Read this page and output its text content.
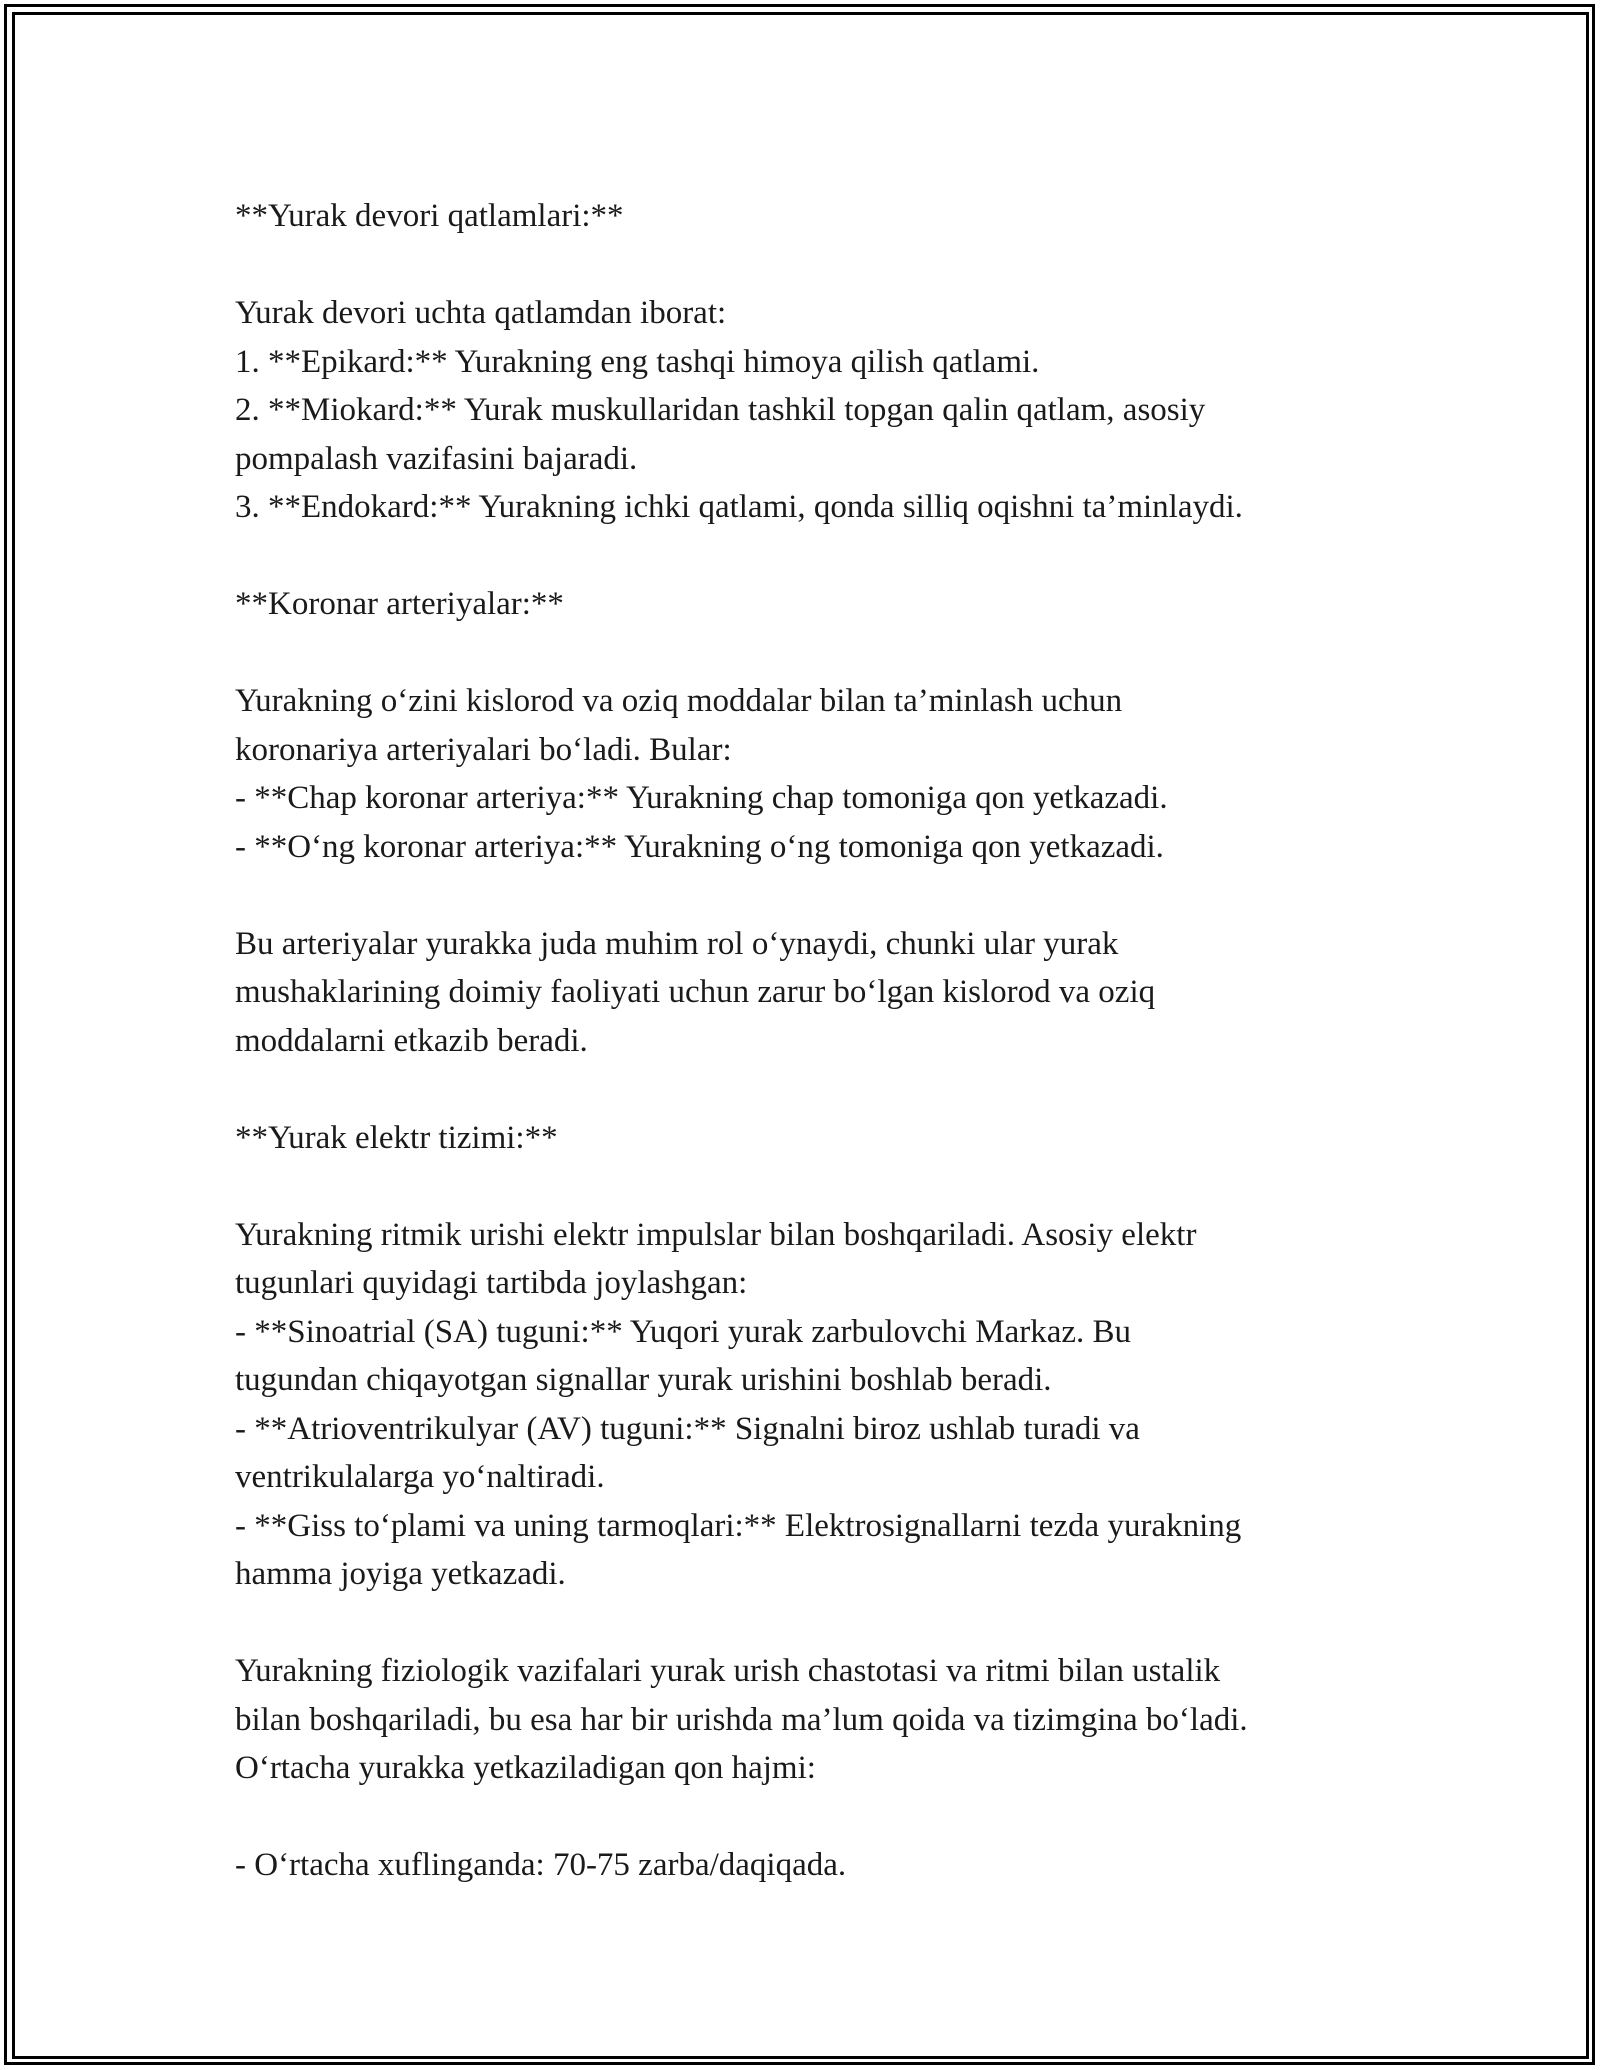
**Yurak devori qatlamlari:**
Yurak devori uchta qatlamdan iborat:
1. **Epikard:** Yurakning eng tashqi himoya qilish qatlami.
2. **Miokard:** Yurak muskullaridan tashkil topgan qalin qatlam, asosiy
pompalash vazifasini bajaradi.
3. **Endokard:** Yurakning ichki qatlami, qonda silliq oqishni ta’minlaydi.
**Koronar arteriyalar:**
Yurakning o‘zini kislorod va oziq moddalar bilan ta’minlash uchun
koronariya arteriyalari bo‘ladi. Bular:
- **Chap koronar arteriya:** Yurakning chap tomoniga qon yetkazadi.
- **O‘ng koronar arteriya:** Yurakning o‘ng tomoniga qon yetkazadi.
Bu arteriyalar yurakka juda muhim rol o‘ynaydi, chunki ular yurak
mushaklarining doimiy faoliyati uchun zarur bo‘lgan kislorod va oziq
moddalarni etkazib beradi.
**Yurak elektr tizimi:**
Yurakning ritmik urishi elektr impulslar bilan boshqariladi. Asosiy elektr
tugunlari quyidagi tartibda joylashgan:
- **Sinoatrial (SA) tuguni:** Yuqori yurak zarbulovchi Markaz. Bu
tugundan chiqayotgan signallar yurak urishini boshlab beradi.
- **Atrioventrikulyar (AV) tuguni:** Signalni biroz ushlab turadi va
ventrikulalarga yo‘naltiradi.
- **Giss to‘plami va uning tarmoqlari:** Elektrosignallarni tezda yurakning
hamma joyiga yetkazadi.
Yurakning fiziologik vazifalari yurak urish chastotasi va ritmi bilan ustalik
bilan boshqariladi, bu esa har bir urishda ma’lum qoida va tizimgina bo‘ladi.
O‘rtacha yurakka yetkaziladigan qon hajmi:
- O‘rtacha xuflinganda: 70-75 zarba/daqiqada.
